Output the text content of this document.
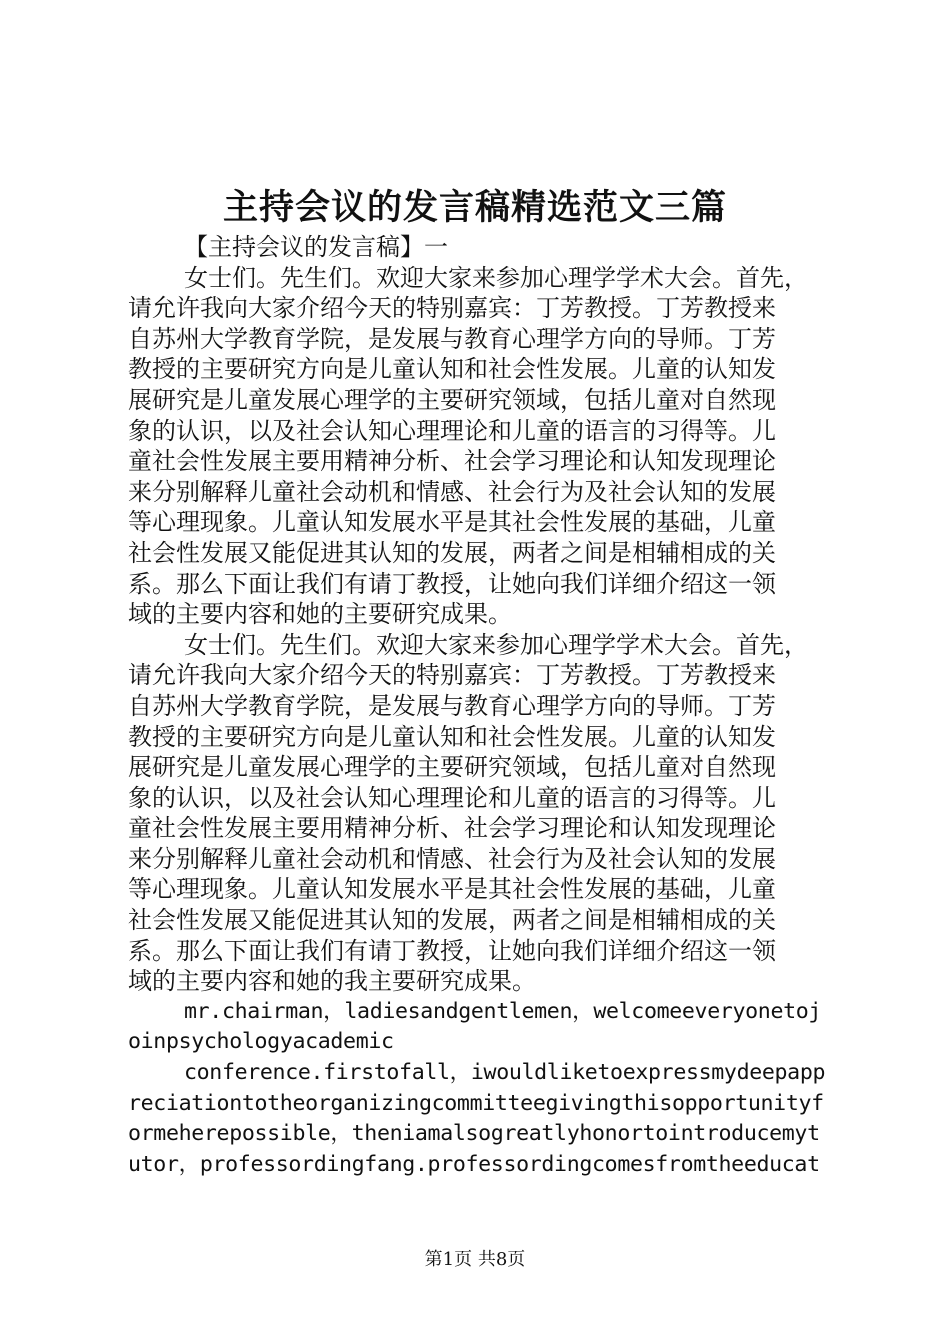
主持会议的发言稿精选范文三篇
【主持会议的发言稿】一
女士们。先生们。欢迎大家来参加心理学学术大会。首先，
请允许我向大家介绍今天的特别嘉宾：丁芳教授。丁芳教授来
自苏州大学教育学院，是发展与教育心理学方向的导师。丁芳
教授的主要研究方向是儿童认知和社会性发展。儿童的认知发
展研究是儿童发展心理学的主要研究领域，包括儿童对自然现
象的认识，以及社会认知心理理论和儿童的语言的习得等。儿
童社会性发展主要用精神分析、社会学习理论和认知发现理论
来分别解释儿童社会动机和情感、社会行为及社会认知的发展
等心理现象。儿童认知发展水平是其社会性发展的基础，儿童
社会性发展又能促进其认知的发展，两者之间是相辅相成的关
系。那么下面让我们有请丁教授，让她向我们详细介绍这一领
域的主要内容和她的主要研究成果。
女士们。先生们。欢迎大家来参加心理学学术大会。首先，
请允许我向大家介绍今天的特别嘉宾：丁芳教授。丁芳教授来
自苏州大学教育学院，是发展与教育心理学方向的导师。丁芳
教授的主要研究方向是儿童认知和社会性发展。儿童的认知发
展研究是儿童发展心理学的主要研究领域，包括儿童对自然现
象的认识，以及社会认知心理理论和儿童的语言的习得等。儿
童社会性发展主要用精神分析、社会学习理论和认知发现理论
来分别解释儿童社会动机和情感、社会行为及社会认知的发展
等心理现象。儿童认知发展水平是其社会性发展的基础，儿童
社会性发展又能促进其认知的发展，两者之间是相辅相成的关
系。那么下面让我们有请丁教授，让她向我们详细介绍这一领
域的主要内容和她的我主要研究成果。
mr.chairman，ladiesandgentlemen，welcomeeveryonetoj
oinpsychologyacademic
conference.firstofall，iwouldliketoexpressmydeepapp
reciationtotheorganizingcommitteegivingthisopportunityf
ormeherepossible，theniamalsogreatlyhonortointroducemyt
utor，professordingfang.professordingcomesfromtheeducat
第1页 共8页
